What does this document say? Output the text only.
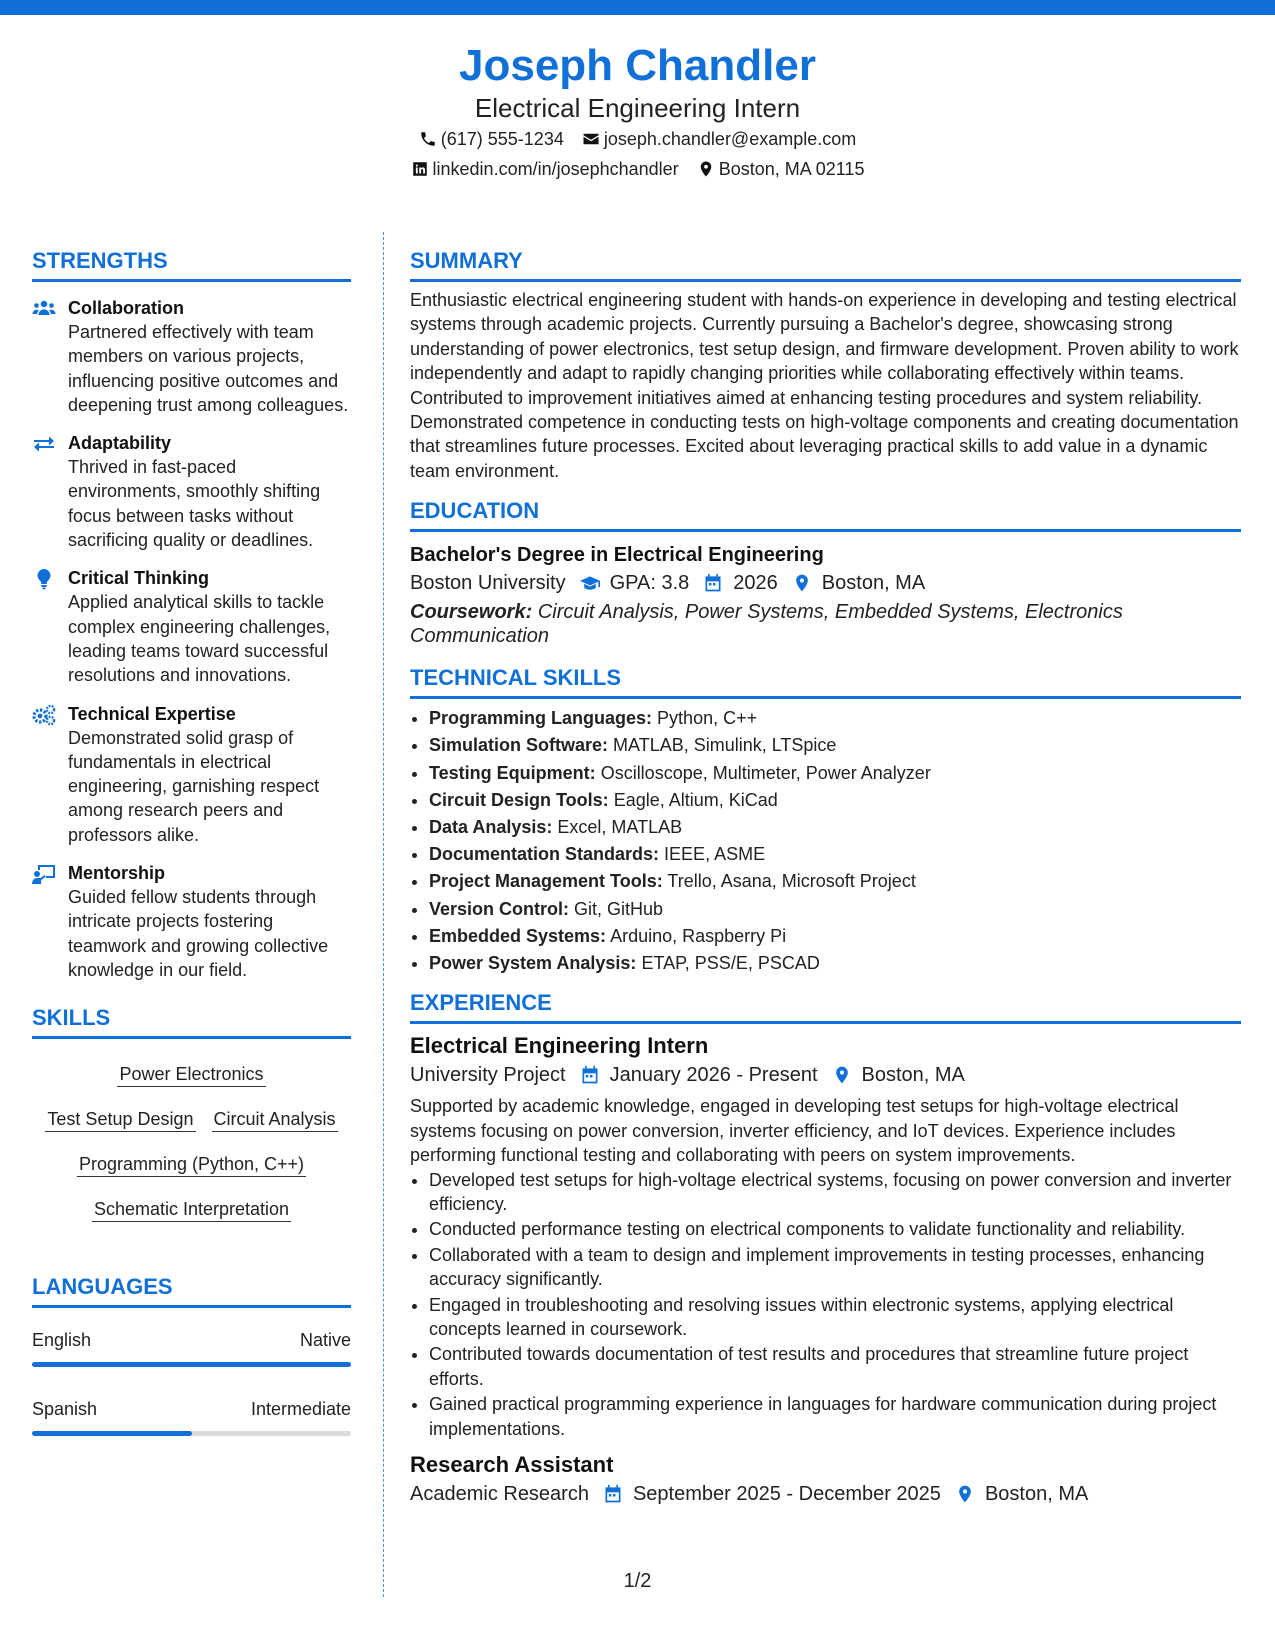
Joseph Chandler
Electrical Engineering Intern
(617) 555-1234 joseph.chandler@example.com
linkedin.com/in/josephchandler Boston, MA 02115
STRENGTHS
Collaboration
Partnered effectively with team members on various projects, influencing positive outcomes and deepening trust among colleagues.
Adaptability
Thrived in fast-paced environments, smoothly shifting focus between tasks without sacrificing quality or deadlines.
Critical Thinking
Applied analytical skills to tackle complex engineering challenges, leading teams toward successful resolutions and innovations.
Technical Expertise
Demonstrated solid grasp of fundamentals in electrical engineering, garnishing respect among research peers and professors alike.
Mentorship
Guided fellow students through intricate projects fostering teamwork and growing collective knowledge in our field.
SKILLS
Power Electronics
Test Setup Design Circuit Analysis
Programming (Python, C++)
Schematic Interpretation
LANGUAGES
English	Native
Spanish	Intermediate
SUMMARY
Enthusiastic electrical engineering student with hands-on experience in developing and testing electrical systems through academic projects. Currently pursuing a Bachelor's degree, showcasing strong understanding of power electronics, test setup design, and firmware development. Proven ability to work independently and adapt to rapidly changing priorities while collaborating effectively within teams. Contributed to improvement initiatives aimed at enhancing testing procedures and system reliability. Demonstrated competence in conducting tests on high-voltage components and creating documentation that streamlines future processes. Excited about leveraging practical skills to add value in a dynamic team environment.
EDUCATION
Bachelor's Degree in Electrical Engineering
Boston University GPA: 3.8 2026 Boston, MA
Coursework: Circuit Analysis, Power Systems, Embedded Systems, Electronics Communication
TECHNICAL SKILLS
• Programming Languages: Python, C++
• Simulation Software: MATLAB, Simulink, LTSpice
• Testing Equipment: Oscilloscope, Multimeter, Power Analyzer
• Circuit Design Tools: Eagle, Altium, KiCad
• Data Analysis: Excel, MATLAB
• Documentation Standards: IEEE, ASME
• Project Management Tools: Trello, Asana, Microsoft Project
• Version Control: Git, GitHub
• Embedded Systems: Arduino, Raspberry Pi
• Power System Analysis: ETAP, PSS/E, PSCAD
EXPERIENCE
Electrical Engineering Intern
University Project January 2026 - Present Boston, MA
Supported by academic knowledge, engaged in developing test setups for high-voltage electrical systems focusing on power conversion, inverter efficiency, and IoT devices. Experience includes performing functional testing and collaborating with peers on system improvements.
• Developed test setups for high-voltage electrical systems, focusing on power conversion and inverter efficiency.
• Conducted performance testing on electrical components to validate functionality and reliability.
• Collaborated with a team to design and implement improvements in testing processes, enhancing accuracy significantly.
• Engaged in troubleshooting and resolving issues within electronic systems, applying electrical concepts learned in coursework.
• Contributed towards documentation of test results and procedures that streamline future project efforts.
• Gained practical programming experience in languages for hardware communication during project implementations.
Research Assistant
Academic Research September 2025 - December 2025 Boston, MA
1/2
